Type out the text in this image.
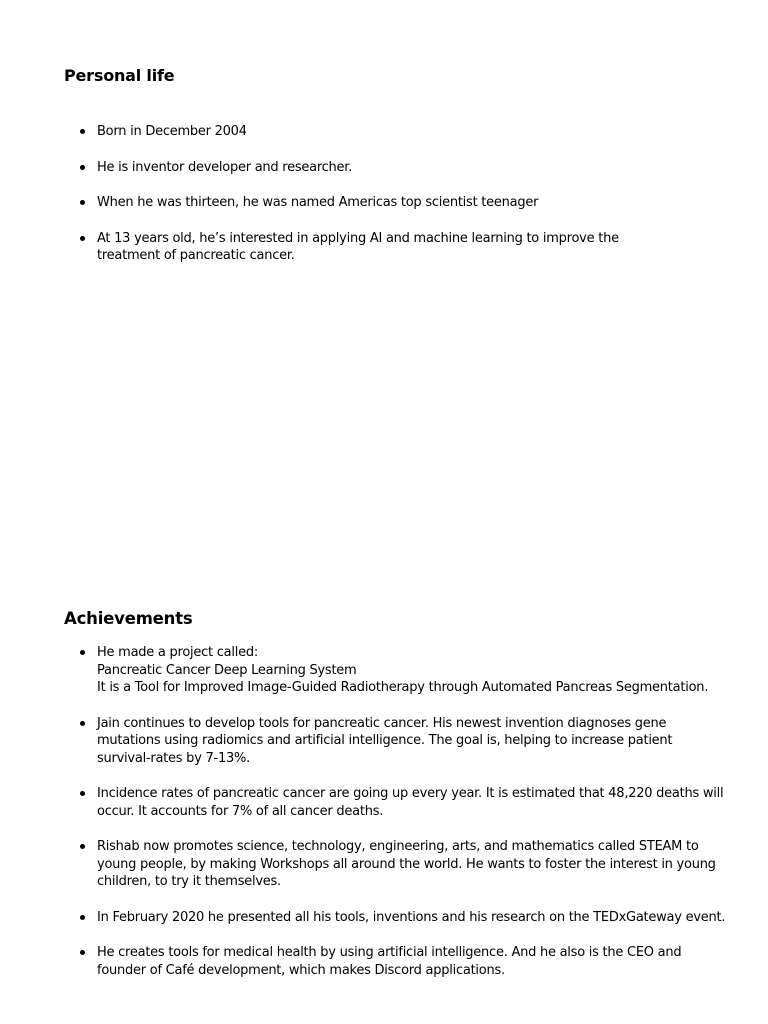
Personal life
Born in December 2004
He is inventor developer and researcher.
When he was thirteen, he was named Americas top scientist teenager
At 13 years old, he’s interested in applying AI and machine learning to improve the treatment of pancreatic cancer.
Achievements
He made a project called:
Pancreatic Cancer Deep Learning System
It is a Tool for Improved Image-Guided Radiotherapy through Automated Pancreas Segmentation.
Jain continues to develop tools for pancreatic cancer. His newest invention diagnoses gene mutations using radiomics and artificial intelligence. The goal is, helping to increase patient survival-rates by 7-13%.
Incidence rates of pancreatic cancer are going up every year. It is estimated that 48,220 deaths will occur. It accounts for 7% of all cancer deaths.
Rishab now promotes science, technology, engineering, arts, and mathematics called STEAM to young people, by making Workshops all around the world. He wants to foster the interest in young children, to try it themselves.
In February 2020 he presented all his tools, inventions and his research on the TEDxGateway event.
He creates tools for medical health by using artificial intelligence. And he also is the CEO and founder of Café development, which makes Discord applications.
